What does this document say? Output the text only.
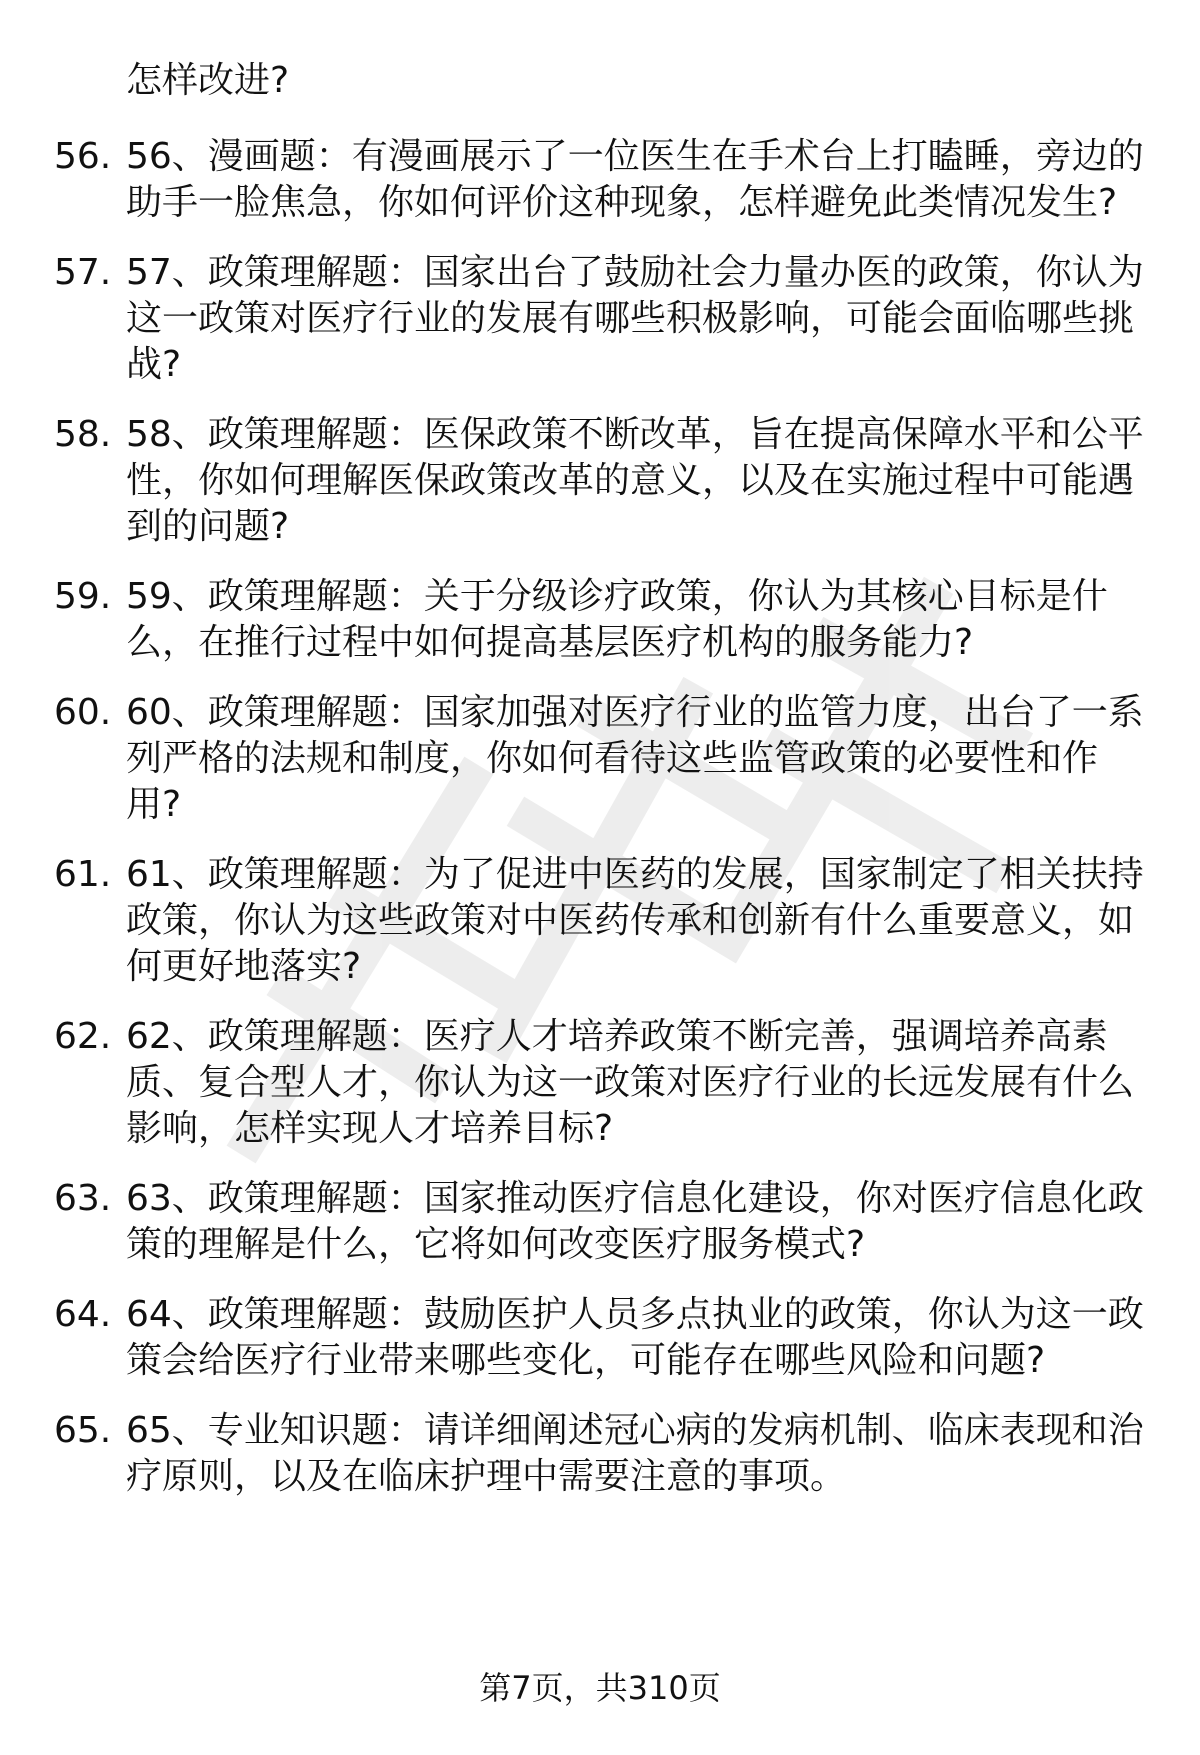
怎样改进?
56. 56、漫画题：有漫画展示了一位医生在手术台上打瞌睡，旁边的助手一脸焦急，你如何评价这种现象，怎样避免此类情况发生?
57. 57、政策理解题：国家出台了鼓励社会力量办医的政策，你认为这一政策对医疗行业的发展有哪些积极影响，可能会面临哪些挑战?
58. 58、政策理解题：医保政策不断改革，旨在提高保障水平和公平性，你如何理解医保政策改革的意义，以及在实施过程中可能遇到的问题?
59. 59、政策理解题：关于分级诊疗政策，你认为其核心目标是什么，在推行过程中如何提高基层医疗机构的服务能力?
60. 60、政策理解题：国家加强对医疗行业的监管力度，出台了一系列严格的法规和制度，你如何看待这些监管政策的必要性和作用?
61. 61、政策理解题：为了促进中医药的发展，国家制定了相关扶持政策，你认为这些政策对中医药传承和创新有什么重要意义，如何更好地落实?
62. 62、政策理解题：医疗人才培养政策不断完善，强调培养高素质、复合型人才，你认为这一政策对医疗行业的长远发展有什么影响，怎样实现人才培养目标?
63. 63、政策理解题：国家推动医疗信息化建设，你对医疗信息化政策的理解是什么，它将如何改变医疗服务模式?
64. 64、政策理解题：鼓励医护人员多点执业的政策，你认为这一政策会给医疗行业带来哪些变化，可能存在哪些风险和问题?
65. 65、专业知识题：请详细阐述冠心病的发病机制、临床表现和治疗原则，以及在临床护理中需要注意的事项。
第7页，共310页
